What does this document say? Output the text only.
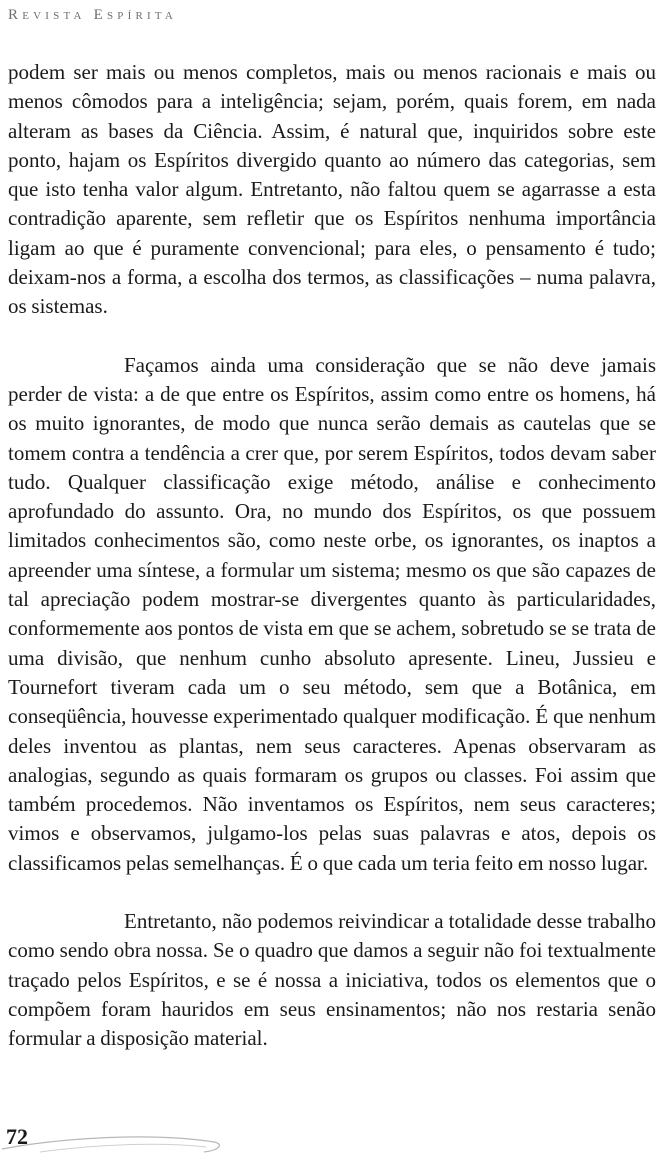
Revista Espírita

podem ser mais ou menos completos, mais ou menos racionais e mais ou menos cômodos para a inteligência; sejam, porém, quais forem, em nada alteram as bases da Ciência. Assim, é natural que, inquiridos sobre este ponto, hajam os Espíritos divergido quanto ao número das categorias, sem que isto tenha valor algum. Entretanto, não faltou quem se agarrasse a esta contradição aparente, sem refletir que os Espíritos nenhuma importância ligam ao que é puramente convencional; para eles, o pensamento é tudo; deixam-nos a forma, a escolha dos termos, as classificações – numa palavra, os sistemas.

Façamos ainda uma consideração que se não deve jamais perder de vista: a de que entre os Espíritos, assim como entre os homens, há os muito ignorantes, de modo que nunca serão demais as cautelas que se tomem contra a tendência a crer que, por serem Espíritos, todos devam saber tudo. Qualquer classificação exige método, análise e conhecimento aprofundado do assunto. Ora, no mundo dos Espíritos, os que possuem limitados conhecimentos são, como neste orbe, os ignorantes, os inaptos a apreender uma síntese, a formular um sistema; mesmo os que são capazes de tal apreciação podem mostrar-se divergentes quanto às particularidades, conformemente aos pontos de vista em que se achem, sobretudo se se trata de uma divisão, que nenhum cunho absoluto apresente. Lineu, Jussieu e Tournefort tiveram cada um o seu método, sem que a Botânica, em conseqüência, houvesse experimentado qualquer modificação. É que nenhum deles inventou as plantas, nem seus caracteres. Apenas observaram as analogias, segundo as quais formaram os grupos ou classes. Foi assim que também procedemos. Não inventamos os Espíritos, nem seus caracteres; vimos e observamos, julgamo-los pelas suas palavras e atos, depois os classificamos pelas semelhanças. É o que cada um teria feito em nosso lugar.

Entretanto, não podemos reivindicar a totalidade desse trabalho como sendo obra nossa. Se o quadro que damos a seguir não foi textualmente traçado pelos Espíritos, e se é nossa a iniciativa, todos os elementos que o compõem foram hauridos em seus ensinamentos; não nos restaria senão formular a disposição material.

72
